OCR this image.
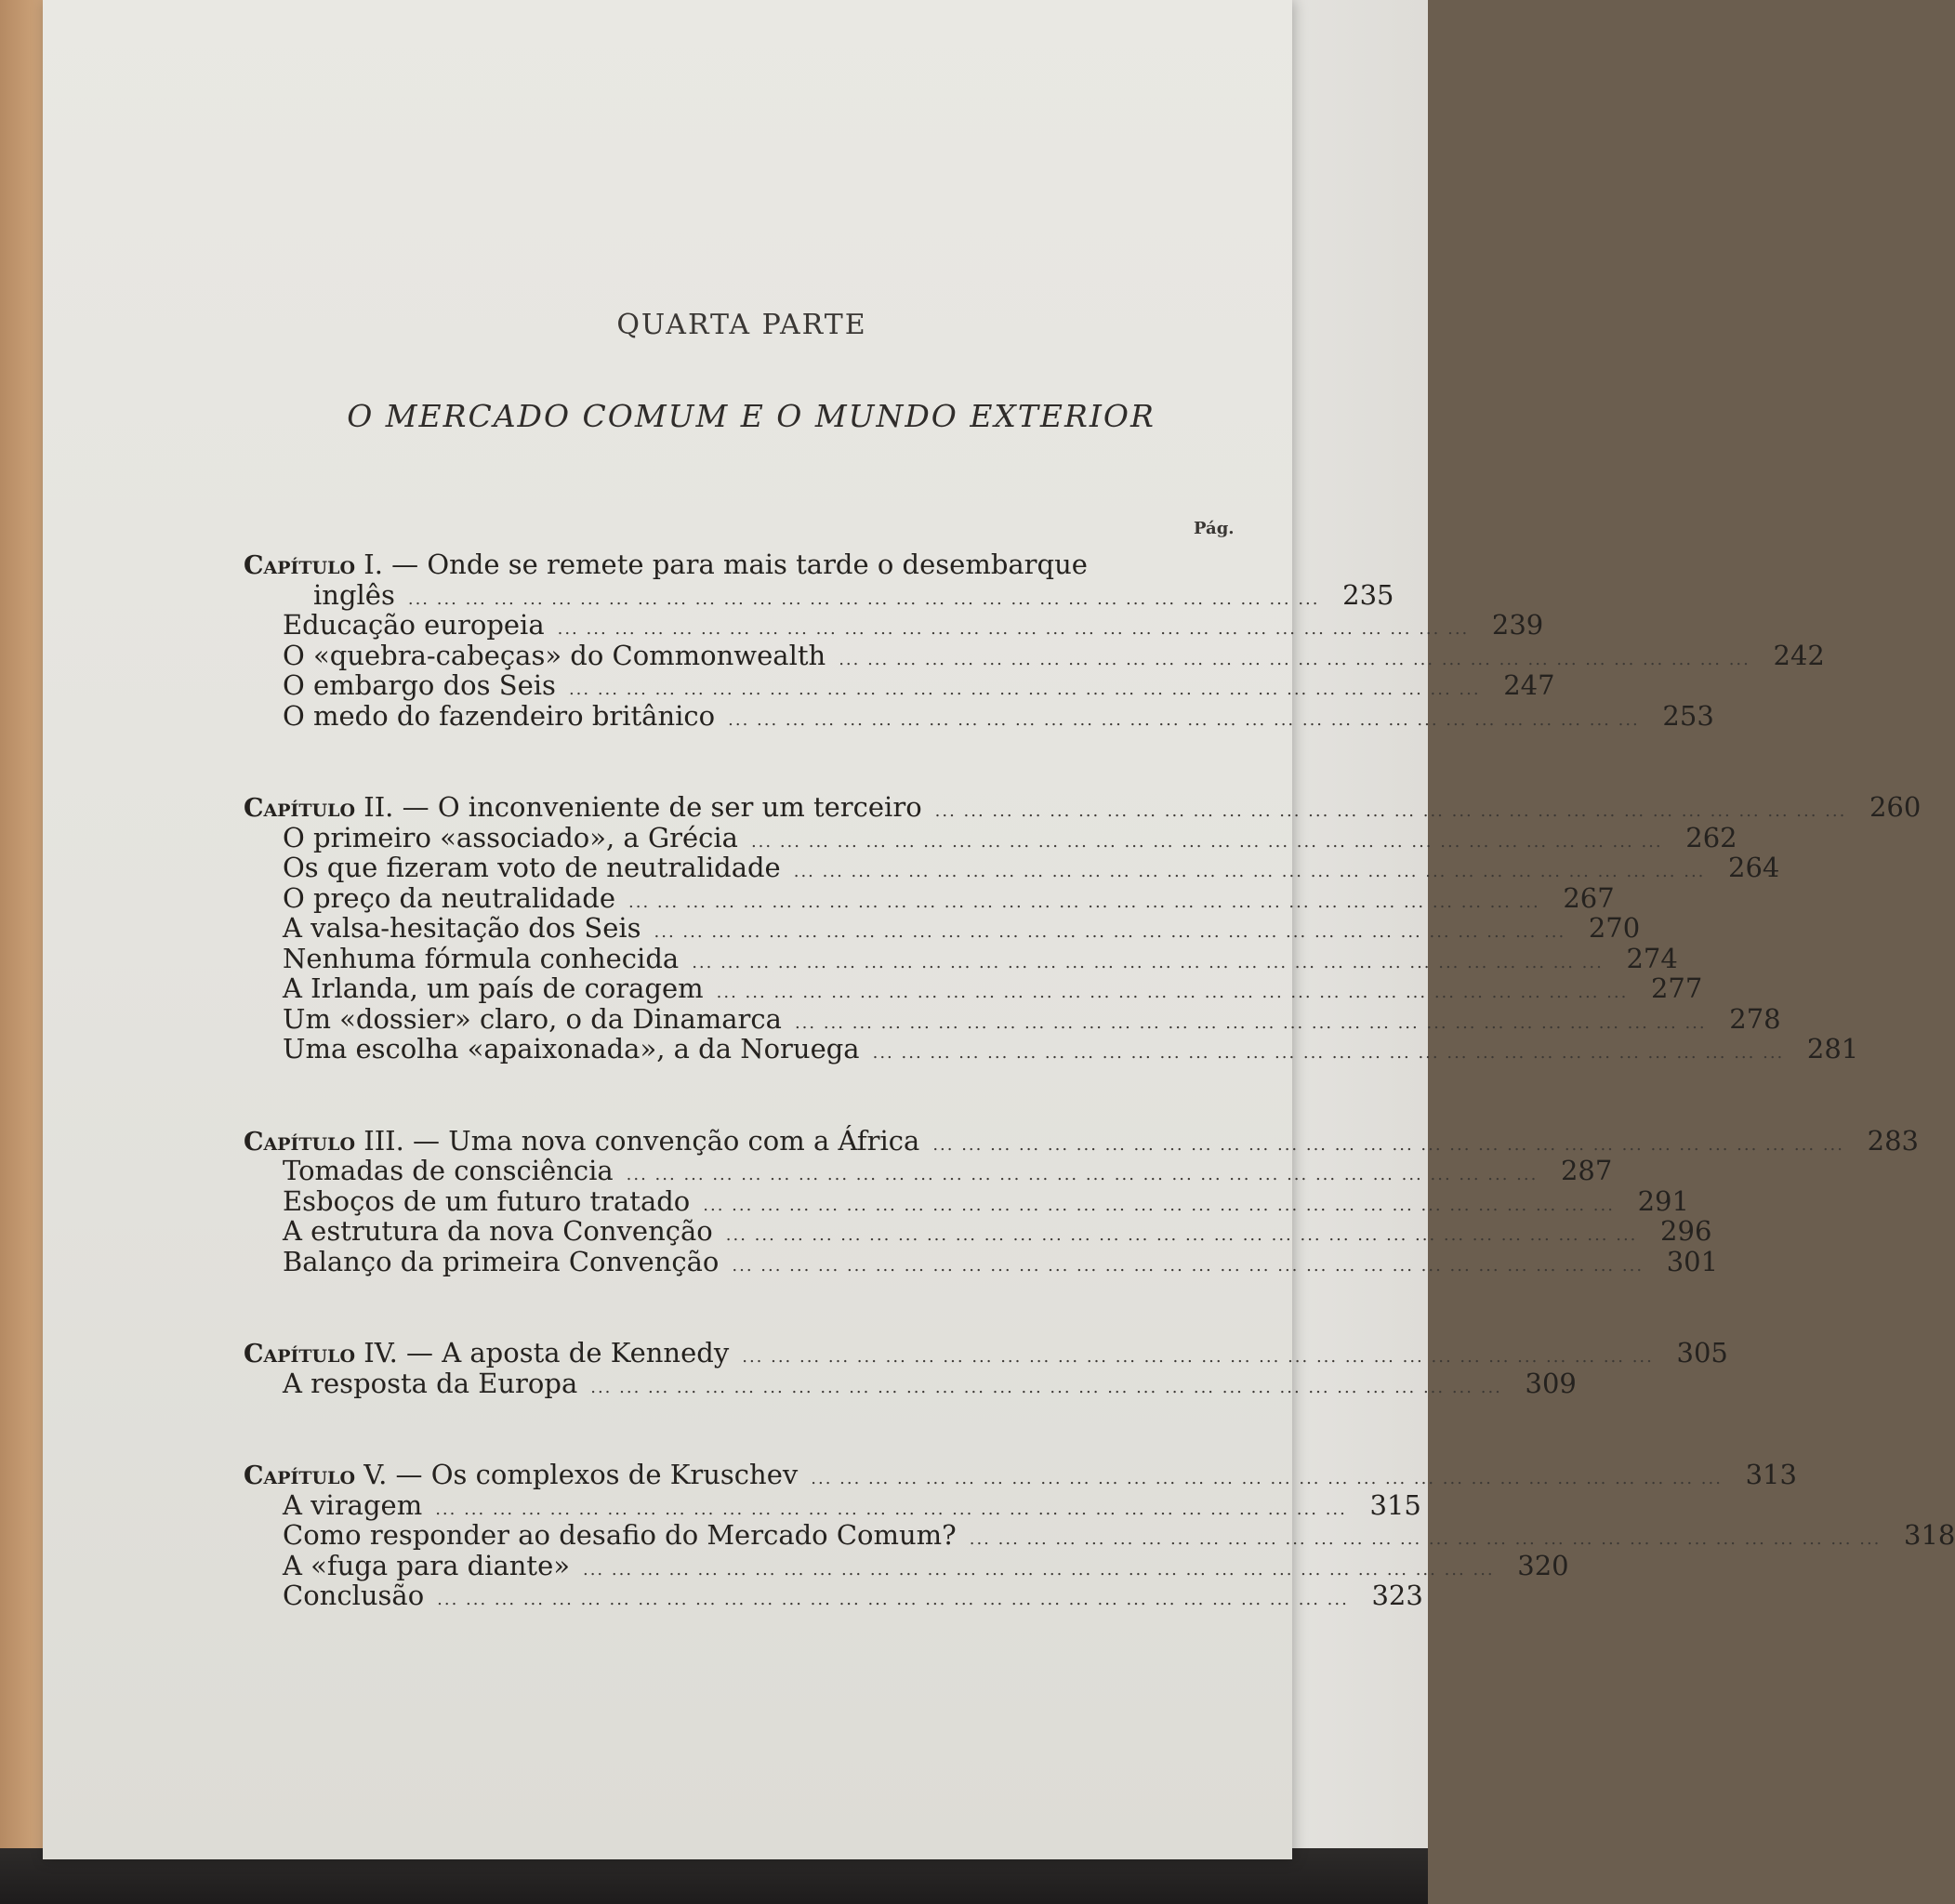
QUARTA PARTE
O MERCADO COMUM E O MUNDO EXTERIOR
Pág.
Capítulo I. — Onde se remete para mais tarde o desembarque
inglês ... ... ... ... ... ... ... ... ... ... ... ... ... ... ... ... ... ... ... ... ... ... ... ... ... ... ... ... ... ... ... ... 235
Educação europeia ... ... ... ... ... ... ... ... ... ... ... ... ... ... ... ... ... ... ... ... ... ... ... ... ... ... ... ... ... ... ... ... 239
O «quebra-cabeças» do Commonwealth ... ... ... ... ... ... ... ... ... ... ... ... ... ... ... ... ... ... ... ... ... ... ... ... ... ... ... ... ... ... ... ... 242
O embargo dos Seis ... ... ... ... ... ... ... ... ... ... ... ... ... ... ... ... ... ... ... ... ... ... ... ... ... ... ... ... ... ... ... ... 247
O medo do fazendeiro britânico ... ... ... ... ... ... ... ... ... ... ... ... ... ... ... ... ... ... ... ... ... ... ... ... ... ... ... ... ... ... ... ... 253
Capítulo II. — O inconveniente de ser um terceiro ... ... ... ... ... ... ... ... ... ... ... ... ... ... ... ... ... ... ... ... ... ... ... ... ... ... ... ... ... ... ... ... 260
O primeiro «associado», a Grécia ... ... ... ... ... ... ... ... ... ... ... ... ... ... ... ... ... ... ... ... ... ... ... ... ... ... ... ... ... ... ... ... 262
Os que fizeram voto de neutralidade ... ... ... ... ... ... ... ... ... ... ... ... ... ... ... ... ... ... ... ... ... ... ... ... ... ... ... ... ... ... ... ... 264
O preço da neutralidade ... ... ... ... ... ... ... ... ... ... ... ... ... ... ... ... ... ... ... ... ... ... ... ... ... ... ... ... ... ... ... ... 267
A valsa-hesitação dos Seis ... ... ... ... ... ... ... ... ... ... ... ... ... ... ... ... ... ... ... ... ... ... ... ... ... ... ... ... ... ... ... ... 270
Nenhuma fórmula conhecida ... ... ... ... ... ... ... ... ... ... ... ... ... ... ... ... ... ... ... ... ... ... ... ... ... ... ... ... ... ... ... ... 274
A Irlanda, um país de coragem ... ... ... ... ... ... ... ... ... ... ... ... ... ... ... ... ... ... ... ... ... ... ... ... ... ... ... ... ... ... ... ... 277
Um «dossier» claro, o da Dinamarca ... ... ... ... ... ... ... ... ... ... ... ... ... ... ... ... ... ... ... ... ... ... ... ... ... ... ... ... ... ... ... ... 278
Uma escolha «apaixonada», a da Noruega ... ... ... ... ... ... ... ... ... ... ... ... ... ... ... ... ... ... ... ... ... ... ... ... ... ... ... ... ... ... ... ... 281
Capítulo III. — Uma nova convenção com a África ... ... ... ... ... ... ... ... ... ... ... ... ... ... ... ... ... ... ... ... ... ... ... ... ... ... ... ... ... ... ... ... 283
Tomadas de consciência ... ... ... ... ... ... ... ... ... ... ... ... ... ... ... ... ... ... ... ... ... ... ... ... ... ... ... ... ... ... ... ... 287
Esboços de um futuro tratado ... ... ... ... ... ... ... ... ... ... ... ... ... ... ... ... ... ... ... ... ... ... ... ... ... ... ... ... ... ... ... ... 291
A estrutura da nova Convenção ... ... ... ... ... ... ... ... ... ... ... ... ... ... ... ... ... ... ... ... ... ... ... ... ... ... ... ... ... ... ... ... 296
Balanço da primeira Convenção ... ... ... ... ... ... ... ... ... ... ... ... ... ... ... ... ... ... ... ... ... ... ... ... ... ... ... ... ... ... ... ... 301
Capítulo IV. — A aposta de Kennedy ... ... ... ... ... ... ... ... ... ... ... ... ... ... ... ... ... ... ... ... ... ... ... ... ... ... ... ... ... ... ... ... 305
A resposta da Europa ... ... ... ... ... ... ... ... ... ... ... ... ... ... ... ... ... ... ... ... ... ... ... ... ... ... ... ... ... ... ... ... 309
Capítulo V. — Os complexos de Kruschev ... ... ... ... ... ... ... ... ... ... ... ... ... ... ... ... ... ... ... ... ... ... ... ... ... ... ... ... ... ... ... ... 313
A viragem ... ... ... ... ... ... ... ... ... ... ... ... ... ... ... ... ... ... ... ... ... ... ... ... ... ... ... ... ... ... ... ... 315
Como responder ao desafio do Mercado Comum? ... ... ... ... ... ... ... ... ... ... ... ... ... ... ... ... ... ... ... ... ... ... ... ... ... ... ... ... ... ... ... ... 318
A «fuga para diante» ... ... ... ... ... ... ... ... ... ... ... ... ... ... ... ... ... ... ... ... ... ... ... ... ... ... ... ... ... ... ... ... 320
Conclusão ... ... ... ... ... ... ... ... ... ... ... ... ... ... ... ... ... ... ... ... ... ... ... ... ... ... ... ... ... ... ... ... 323
